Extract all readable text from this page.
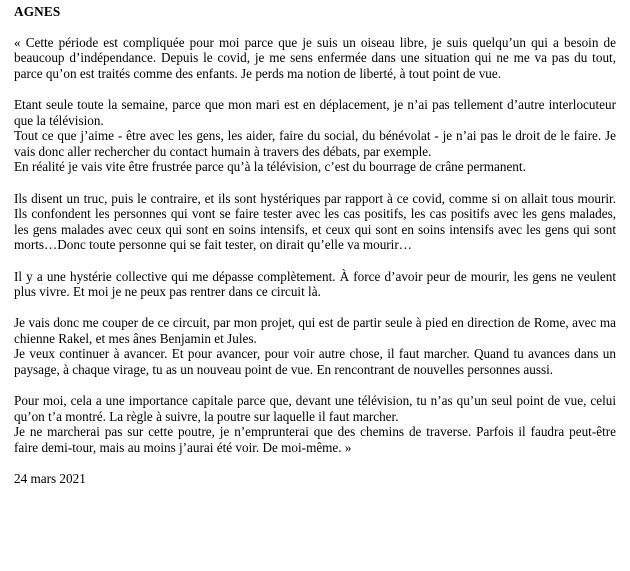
AGNES
« Cette période est compliquée pour moi parce que je suis un oiseau libre, je suis quelqu’un qui a besoin de beaucoup d’indépendance. Depuis le covid, je me sens enfermée dans une situation qui ne me va pas du tout, parce qu’on est traités comme des enfants. Je perds ma notion de liberté, à tout point de vue.
Etant seule toute la semaine, parce que mon mari est en déplacement, je n’ai pas tellement d’autre interlocuteur que la télévision.
Tout ce que j’aime - être avec les gens, les aider, faire du social, du bénévolat - je n’ai pas le droit de le faire. Je vais donc aller rechercher du contact humain à travers des débats, par exemple.
En réalité je vais vite être frustrée parce qu’à la télévision, c’est du bourrage de crâne permanent.
Ils disent un truc, puis le contraire, et ils sont hystériques par rapport à ce covid, comme si on allait tous mourir. Ils confondent les personnes qui vont se faire tester avec les cas positifs, les cas positifs avec les gens malades, les gens malades avec ceux qui sont en soins intensifs, et ceux qui sont en soins intensifs avec les gens qui sont morts…Donc toute personne qui se fait tester, on dirait qu’elle va mourir…
Il y a une hystérie collective qui me dépasse complètement. À force d’avoir peur de mourir, les gens ne veulent plus vivre. Et moi je ne peux pas rentrer dans ce circuit là.
Je vais donc me couper de ce circuit, par mon projet, qui est de partir seule à pied en direction de Rome, avec ma chienne Rakel, et mes ânes Benjamin et Jules.
Je veux continuer à avancer. Et pour avancer, pour voir autre chose, il faut marcher. Quand tu avances dans un paysage, à chaque virage, tu as un nouveau point de vue. En rencontrant de nouvelles personnes aussi.
Pour moi, cela a une importance capitale parce que, devant une télévision, tu n’as qu’un seul point de vue, celui qu’on t’a montré. La règle à suivre, la poutre sur laquelle il faut marcher.
Je ne marcherai pas sur cette poutre, je n’emprunterai que des chemins de traverse. Parfois il faudra peut-être faire demi-tour, mais au moins j’aurai été voir. De moi-même. »
24 mars 2021
